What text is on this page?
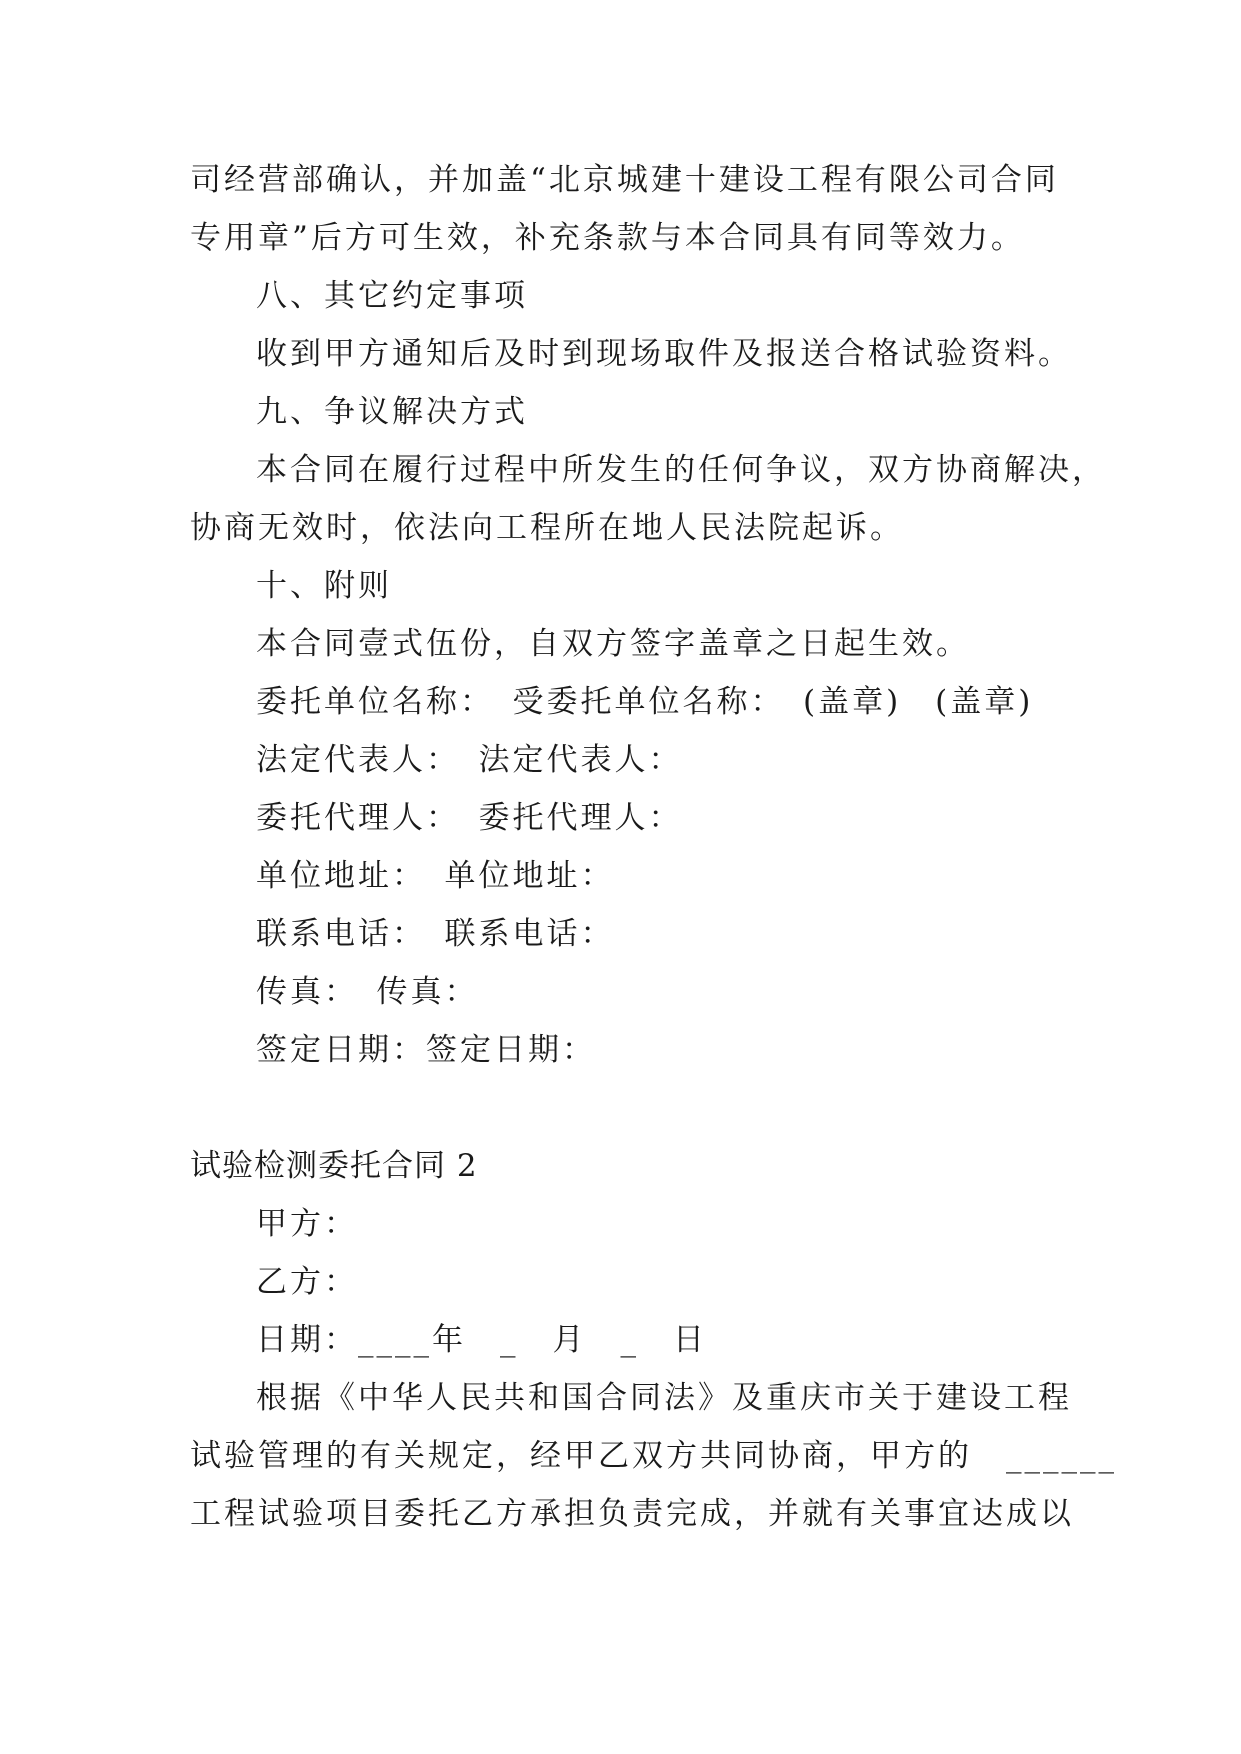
司经营部确认，并加盖“北京城建十建设工程有限公司合同
专用章”后方可生效，补充条款与本合同具有同等效力。
八、其它约定事项
收到甲方通知后及时到现场取件及报送合格试验资料。
九、争议解决方式
本合同在履行过程中所发生的任何争议，双方协商解决，
协商无效时，依法向工程所在地人民法院起诉。
十、附则
本合同壹式伍份，自双方签字盖章之日起生效。
委托单位名称：　受委托单位名称：　(盖章)　(盖章)
法定代表人：　法定代表人：
委托代理人：　委托代理人：
单位地址：　单位地址：
联系电话：　联系电话：
传真：　传真：
签定日期：签定日期：
试验检测委托合同 2
甲方：
乙方：
日期：____年　_　月　_　日
根据《中华人民共和国合同法》及重庆市关于建设工程
试验管理的有关规定，经甲乙双方共同协商，甲方的　______
工程试验项目委托乙方承担负责完成，并就有关事宜达成以
